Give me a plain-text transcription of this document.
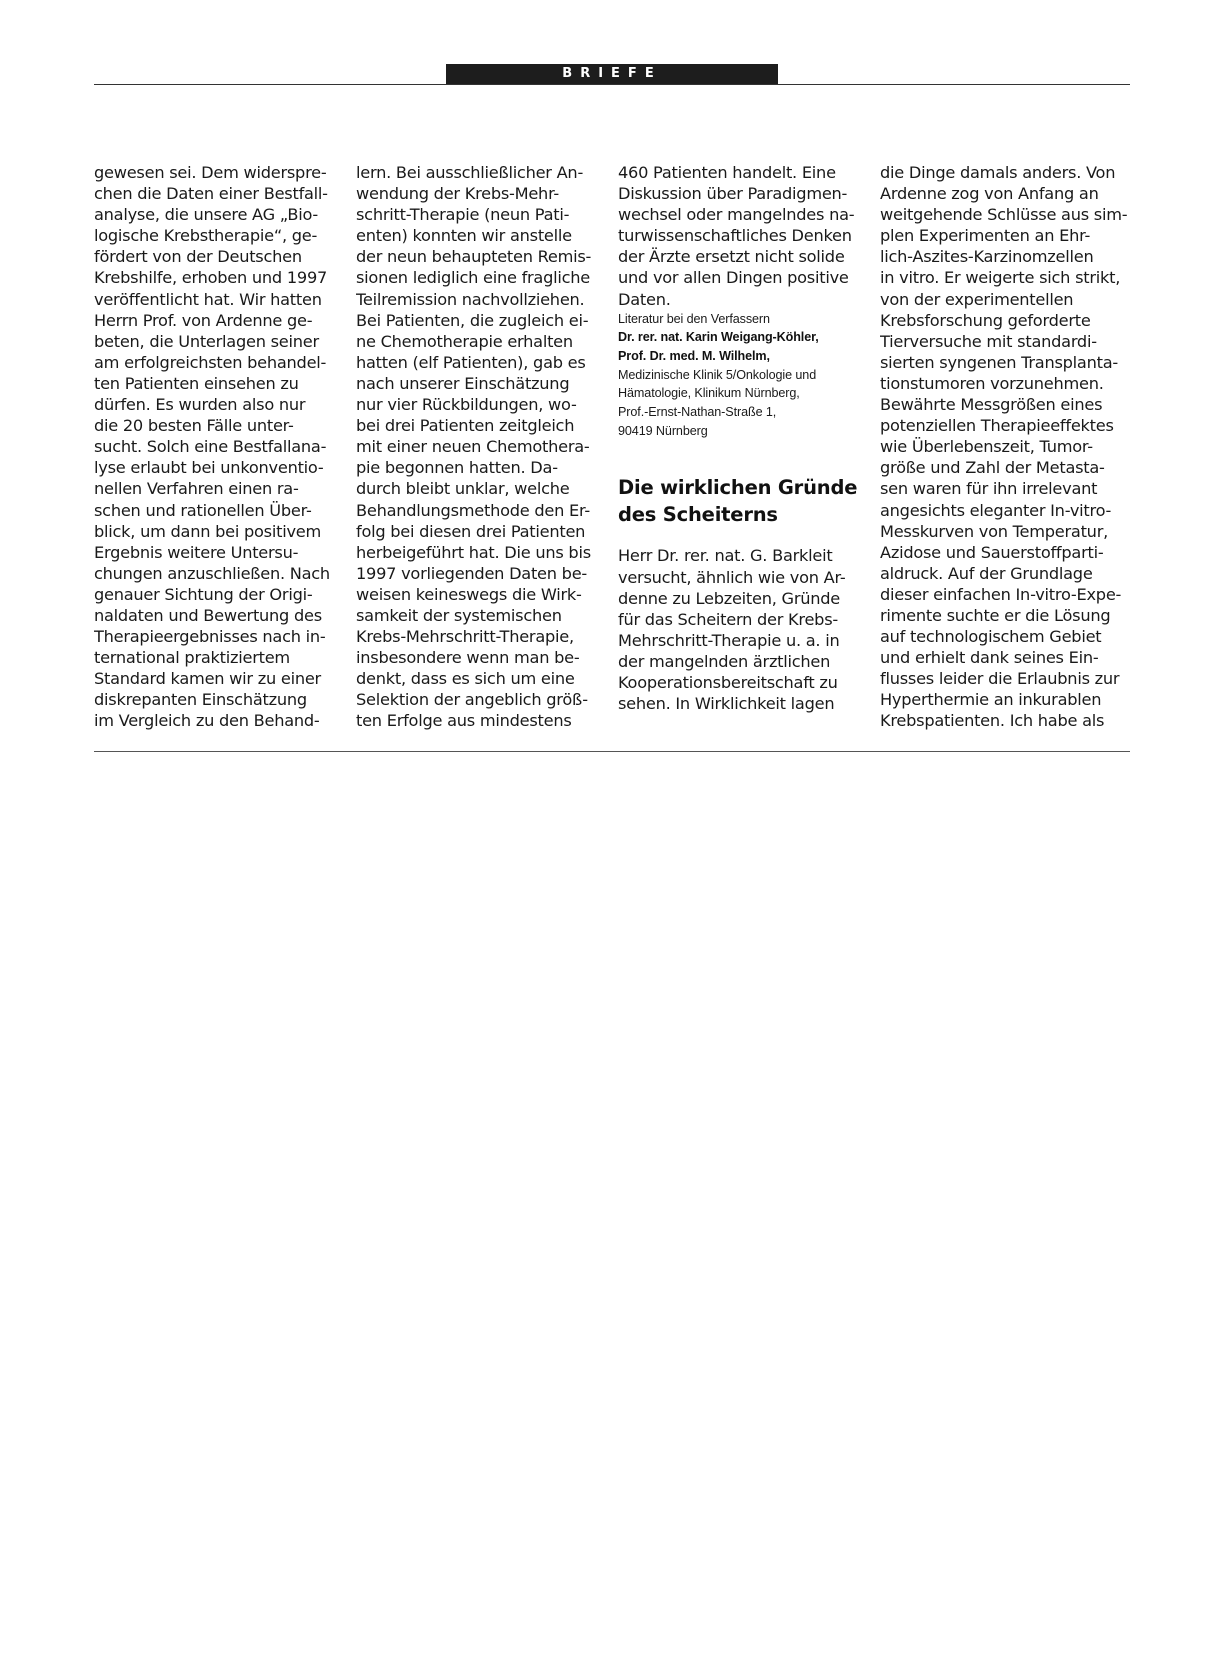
BRIEFE
gewesen sei. Dem widerspre-
chen die Daten einer Bestfall-
analyse, die unsere AG „Bio-
logische Krebstherapie“, ge-
fördert von der Deutschen
Krebshilfe, erhoben und 1997
veröffentlicht hat. Wir hatten
Herrn Prof. von Ardenne ge-
beten, die Unterlagen seiner
am erfolgreichsten behandel-
ten Patienten einsehen zu
dürfen. Es wurden also nur
die 20 besten Fälle unter-
sucht. Solch eine Bestfallana-
lyse erlaubt bei unkonventio-
nellen Verfahren einen ra-
schen und rationellen Über-
blick, um dann bei positivem
Ergebnis weitere Untersu-
chungen anzuschließen. Nach
genauer Sichtung der Origi-
naldaten und Bewertung des
Therapieergebnisses nach in-
ternational praktiziertem
Standard kamen wir zu einer
diskrepanten Einschätzung
im Vergleich zu den Behand-
lern. Bei ausschließlicher An-
wendung der Krebs-Mehr-
schritt-Therapie (neun Pati-
enten) konnten wir anstelle
der neun behaupteten Remis-
sionen lediglich eine fragliche
Teilremission nachvollziehen.
Bei Patienten, die zugleich ei-
ne Chemotherapie erhalten
hatten (elf Patienten), gab es
nach unserer Einschätzung
nur vier Rückbildungen, wo-
bei drei Patienten zeitgleich
mit einer neuen Chemothera-
pie begonnen hatten. Da-
durch bleibt unklar, welche
Behandlungsmethode den Er-
folg bei diesen drei Patienten
herbeigeführt hat. Die uns bis
1997 vorliegenden Daten be-
weisen keineswegs die Wirk-
samkeit der systemischen
Krebs-Mehrschritt-Therapie,
insbesondere wenn man be-
denkt, dass es sich um eine
Selektion der angeblich größ-
ten Erfolge aus mindestens
460 Patienten handelt. Eine
Diskussion über Paradigmen-
wechsel oder mangelndes na-
turwissenschaftliches Denken
der Ärzte ersetzt nicht solide
und vor allen Dingen positive
Daten.
Literatur bei den Verfassern
Dr. rer. nat. Karin Weigang-Köhler,
Prof. Dr. med. M. Wilhelm,
Medizinische Klinik 5/Onkologie und
Hämatologie, Klinikum Nürnberg,
Prof.-Ernst-Nathan-Straße 1,
90419 Nürnberg
Die wirklichen Gründe
des Scheiterns
Herr Dr. rer. nat. G. Barkleit
versucht, ähnlich wie von Ar-
denne zu Lebzeiten, Gründe
für das Scheitern der Krebs-
Mehrschritt-Therapie u. a. in
der mangelnden ärztlichen
Kooperationsbereitschaft zu
sehen. In Wirklichkeit lagen
die Dinge damals anders. Von
Ardenne zog von Anfang an
weitgehende Schlüsse aus sim-
plen Experimenten an Ehr-
lich-Aszites-Karzinomzellen
in vitro. Er weigerte sich strikt,
von der experimentellen
Krebsforschung geforderte
Tierversuche mit standardi-
sierten syngenen Transplanta-
tionstumoren vorzunehmen.
Bewährte Messgrößen eines
potenziellen Therapieeffektes
wie Überlebenszeit, Tumor-
größe und Zahl der Metasta-
sen waren für ihn irrelevant
angesichts eleganter In-vitro-
Messkurven von Temperatur,
Azidose und Sauerstoffparti-
aldruck. Auf der Grundlage
dieser einfachen In-vitro-Expe-
rimente suchte er die Lösung
auf technologischem Gebiet
und erhielt dank seines Ein-
flusses leider die Erlaubnis zur
Hyperthermie an inkurablen
Krebspatienten. Ich habe als
